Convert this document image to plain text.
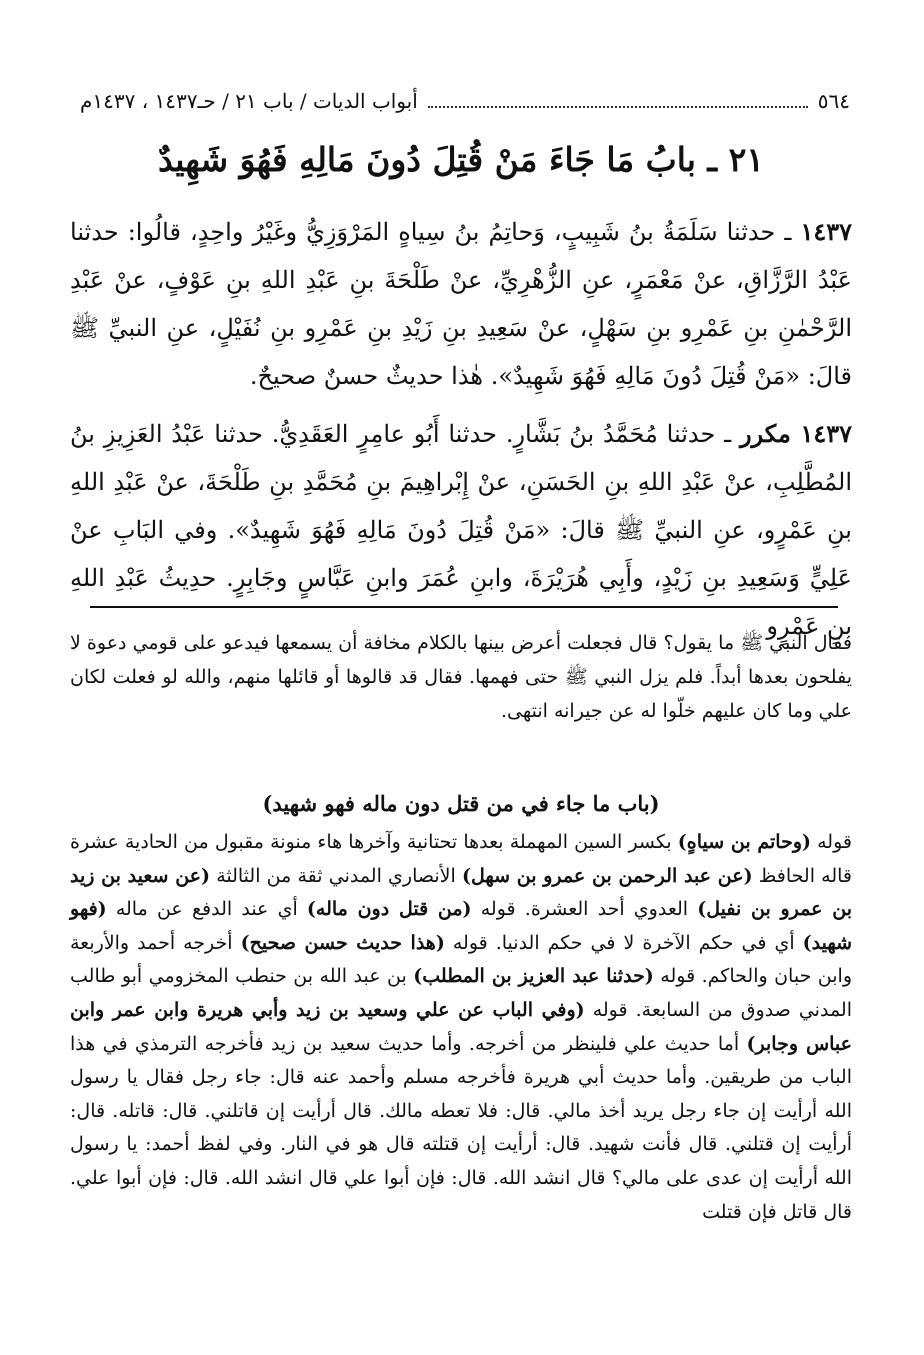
٥٦٤
أبواب الديات / باب ٢١ / حـ١٤٣٧ ، ١٤٣٧م
٢١ ـ بابُ مَا جَاءَ مَنْ قُتِلَ دُونَ مَالِهِ فَهُوَ شَهِيدٌ
١٤٣٧ ـ حدثنا سَلَمَةُ بنُ شَبِيبٍ، وَحاتِمُ بنُ سِياهٍ المَرْوَزِيُّ وغَيْرُ واحِدٍ، قالُوا: حدثنا عَبْدُ الرَّزَّاقِ، عنْ مَعْمَرٍ، عنِ الزُّهْرِيِّ، عنْ طَلْحَةَ بنِ عَبْدِ اللهِ بنِ عَوْفٍ، عنْ عَبْدِ الرَّحْمٰنِ بنِ عَمْرِو بنِ سَهْلٍ، عنْ سَعِيدِ بنِ زَيْدِ بنِ عَمْرِو بنِ نُفَيْلٍ، عنِ النبيِّ ﷺ قالَ: «مَنْ قُتِلَ دُونَ مَالِهِ فَهُوَ شَهِيدٌ». هٰذا حديثٌ حسنٌ صحيحٌ.
١٤٣٧ مكرر ـ حدثنا مُحَمَّدُ بنُ بَشَّارٍ. حدثنا أَبُو عامِرٍ العَقَدِيُّ. حدثنا عَبْدُ العَزِيزِ بنُ المُطَّلِبِ، عنْ عَبْدِ اللهِ بنِ الحَسَنِ، عنْ إِبْراهِيمَ بنِ مُحَمَّدِ بنِ طَلْحَةَ، عنْ عَبْدِ اللهِ بنِ عَمْرٍو، عنِ النبيِّ ﷺ قالَ: «مَنْ قُتِلَ دُونَ مَالِهِ فَهُوَ شَهِيدٌ». وفي البَابِ عنْ عَلِيٍّ وَسَعِيدِ بنِ زَيْدٍ، وأَبِي هُرَيْرَةَ، وابنِ عُمَرَ وابنِ عَبَّاسٍ وجَابِرٍ. حدِيثُ عَبْدِ اللهِ بنِ عَمْرٍو
فقال النبي ﷺ ما يقول؟ قال فجعلت أعرض بينها بالكلام مخافة أن يسمعها فيدعو على قومي دعوة لا يفلحون بعدها أبداً. فلم يزل النبي ﷺ حتى فهمها. فقال قد قالوها أو قائلها منهم، والله لو فعلت لكان علي وما كان عليهم خلّوا له عن جيرانه انتهى.
(باب ما جاء في من قتل دون ماله فهو شهيد)
قوله (وحاتم بن سياهٍ) بكسر السين المهملة بعدها تحتانية وآخرها هاء منونة مقبول من الحادية عشرة قاله الحافظ (عن عبد الرحمن بن عمرو بن سهل) الأنصاري المدني ثقة من الثالثة (عن سعيد بن زيد بن عمرو بن نفيل) العدوي أحد العشرة. قوله (من قتل دون ماله) أي عند الدفع عن ماله (فهو شهيد) أي في حكم الآخرة لا في حكم الدنيا. قوله (هذا حديث حسن صحيح) أخرجه أحمد والأربعة وابن حبان والحاكم. قوله (حدثنا عبد العزيز بن المطلب) بن عبد الله بن حنطب المخزومي أبو طالب المدني صدوق من السابعة. قوله (وفي الباب عن علي وسعيد بن زيد وأبي هريرة وابن عمر وابن عباس وجابر) أما حديث علي فلينظر من أخرجه. وأما حديث سعيد بن زيد فأخرجه الترمذي في هذا الباب من طريقين. وأما حديث أبي هريرة فأخرجه مسلم وأحمد عنه قال: جاء رجل فقال يا رسول الله أرأيت إن جاء رجل يريد أخذ مالي. قال: فلا تعطه مالك. قال أرأيت إن قاتلني. قال: قاتله. قال: أرأيت إن قتلني. قال فأنت شهيد. قال: أرأيت إن قتلته قال هو في النار. وفي لفظ أحمد: يا رسول الله أرأيت إن عدى على مالي؟ قال انشد الله. قال: فإن أبوا علي قال انشد الله. قال: فإن أبوا علي. قال قاتل فإن قتلت
